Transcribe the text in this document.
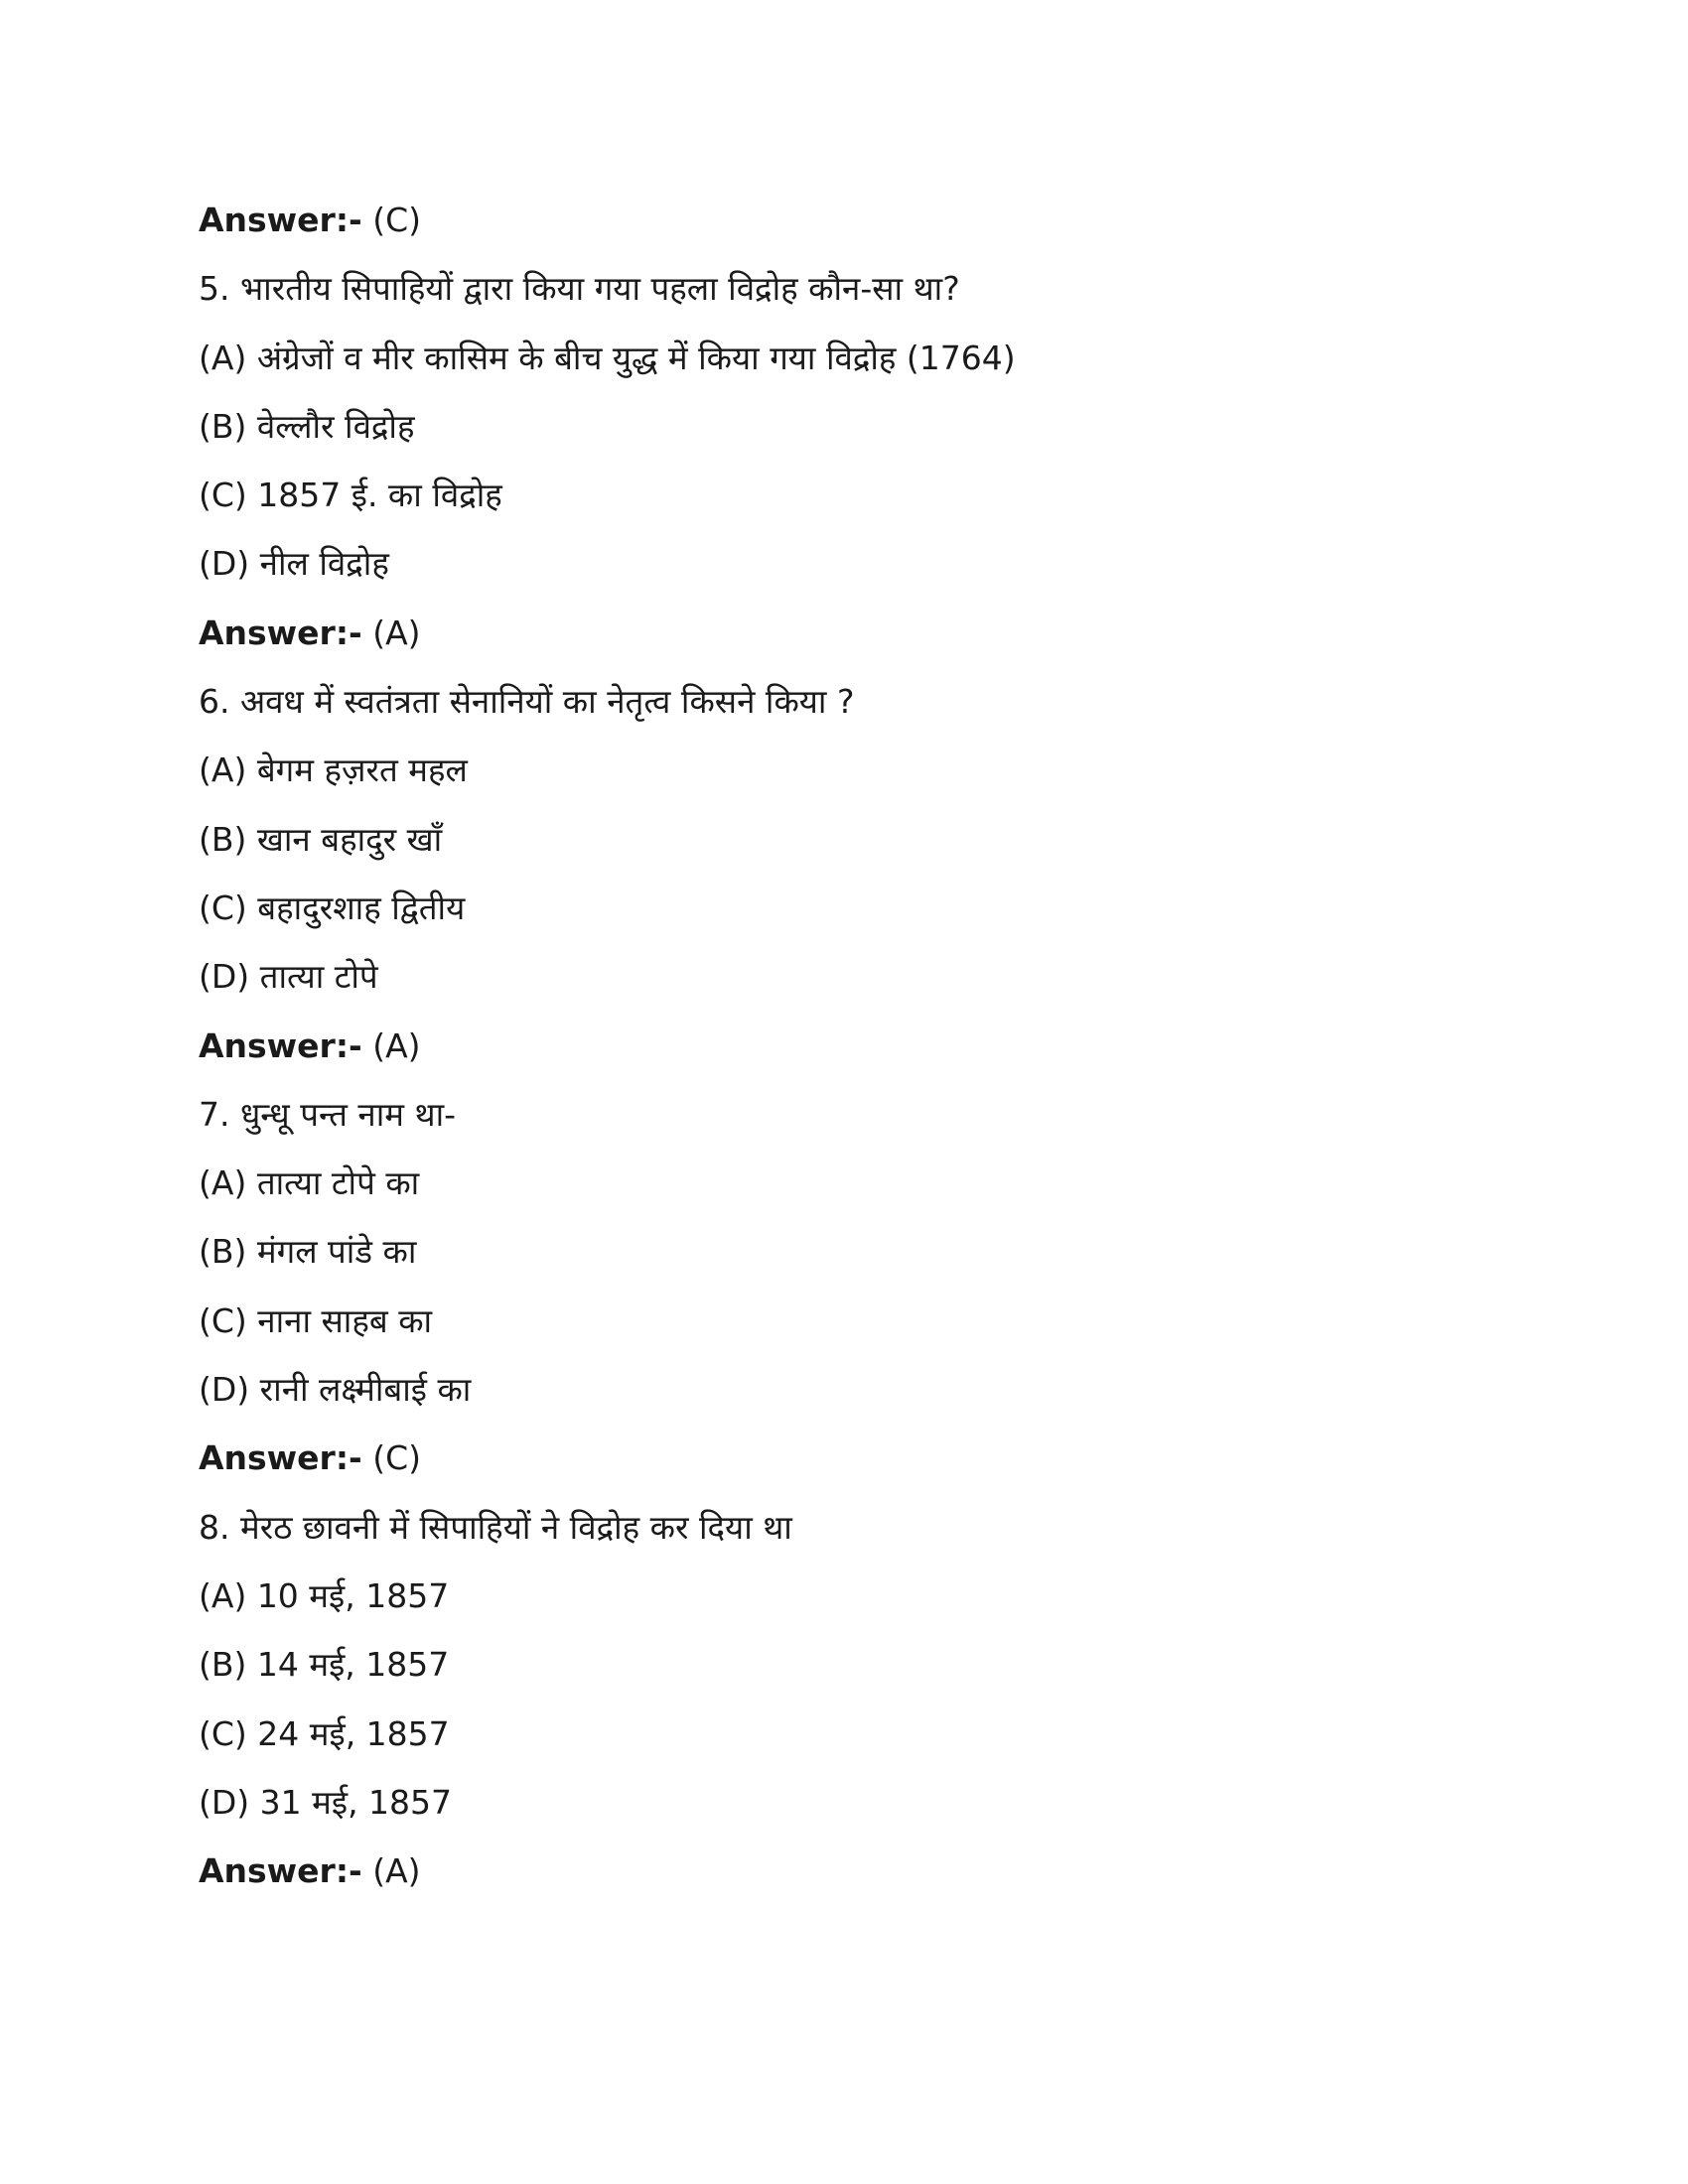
Answer:- (C)
5. भारतीय सिपाहियों द्वारा किया गया पहला विद्रोह कौन-सा था?
(A) अंग्रेजों व मीर कासिम के बीच युद्ध में किया गया विद्रोह (1764)
(B) वेल्लौर विद्रोह
(C) 1857 ई. का विद्रोह
(D) नील विद्रोह
Answer:- (A)
6. अवध में स्वतंत्रता सेनानियों का नेतृत्व किसने किया ?
(A) बेगम हज़रत महल
(B) खान बहादुर खाँ
(C) बहादुरशाह द्वितीय
(D) तात्या टोपे
Answer:- (A)
7. धुन्धू पन्त नाम था-
(A) तात्या टोपे का
(B) मंगल पांडे का
(C) नाना साहब का
(D) रानी लक्ष्मीबाई का
Answer:- (C)
8. मेरठ छावनी में सिपाहियों ने विद्रोह कर दिया था
(A) 10 मई, 1857
(B) 14 मई, 1857
(C) 24 मई, 1857
(D) 31 मई, 1857
Answer:- (A)
